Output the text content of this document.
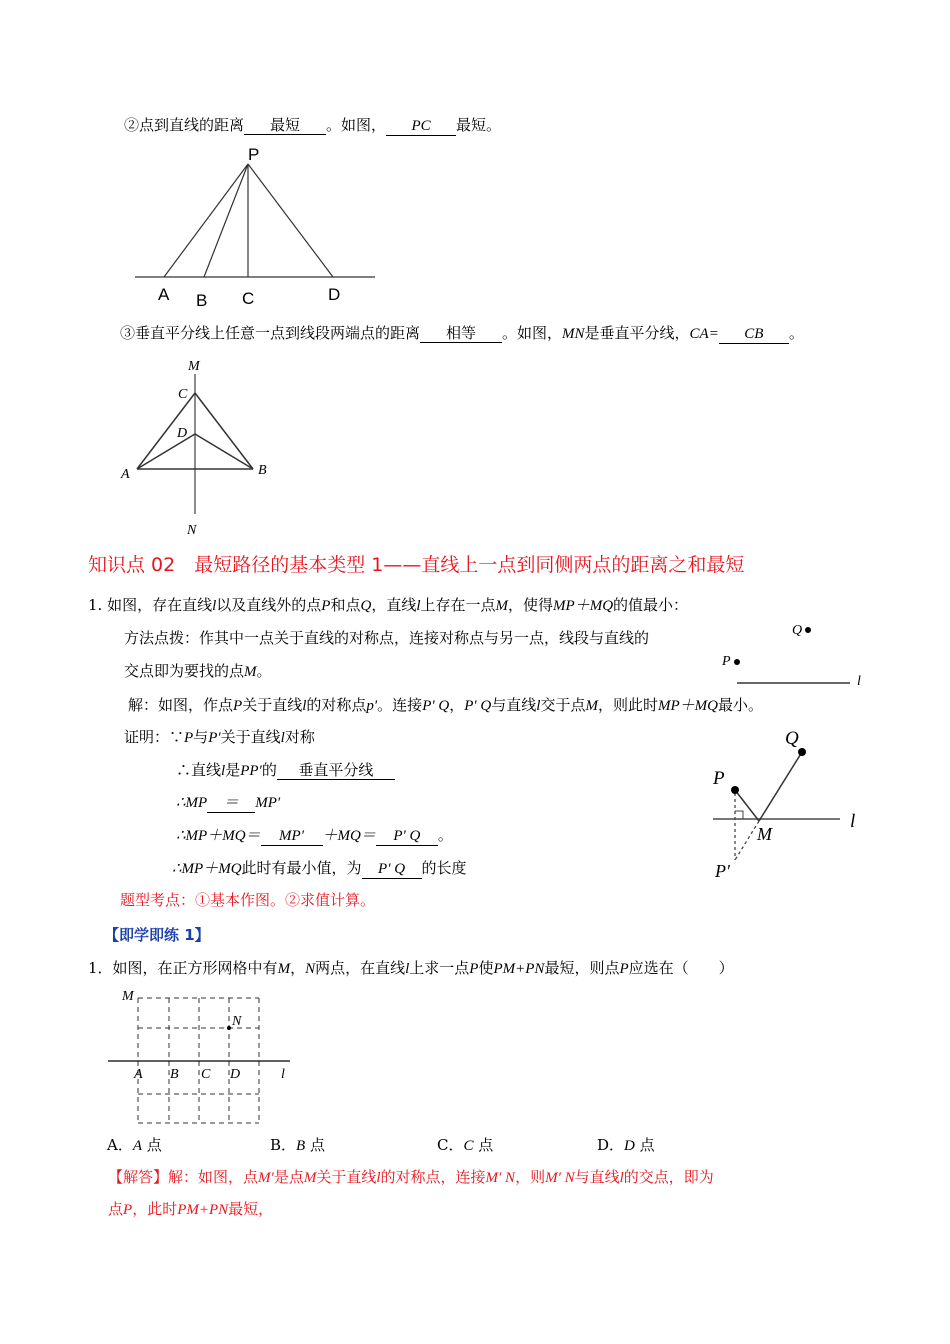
②点到直线的距离 最短 。如图， PC 最短。
P
A B C	D
③垂直平分线上任意一点到线段两端点的距离 相等 。如图，MN是垂直平分线，CA= CB 。
M
C
D
A	B
N
知识点 02　最短路径的基本类型 1——直线上一点到同侧两点的距离之和最短
1. 如图，存在直线l以及直线外的点P和点Q，直线l上存在一点M，使得MP＋MQ的值最小：
方法点拨：作其中一点关于直线的对称点，连接对称点与另一点，线段与直线的
交点即为要找的点M。
Q
P
l
解：如图，作点P关于直线l的对称点p′。连接P′ Q，P′ Q与直线l交于点M，则此时MP＋MQ最小。
证明：∵P与P′关于直线l对称
∴直线l是PP′的 垂直平分线
∴MP ＝ MP′
∴MP＋MQ＝ MP′ ＋MQ＝ P′ Q 。
∴MP＋MQ此时有最小值，为 P′ Q 的长度
题型考点：①基本作图。②求值计算。
Q
P
M
l
P′
【即学即练 1】
1．如图，在正方形网格中有M，N两点，在直线l上求一点P使PM+PN最短，则点P应选在（　　）
M
N
A B C D	l
A．A 点	B．B 点	C．C 点	D．D 点
【解答】解：如图，点M′是点M关于直线l的对称点，连接M′ N，则M′ N与直线l的交点，即为
点P，此时PM+PN最短，
